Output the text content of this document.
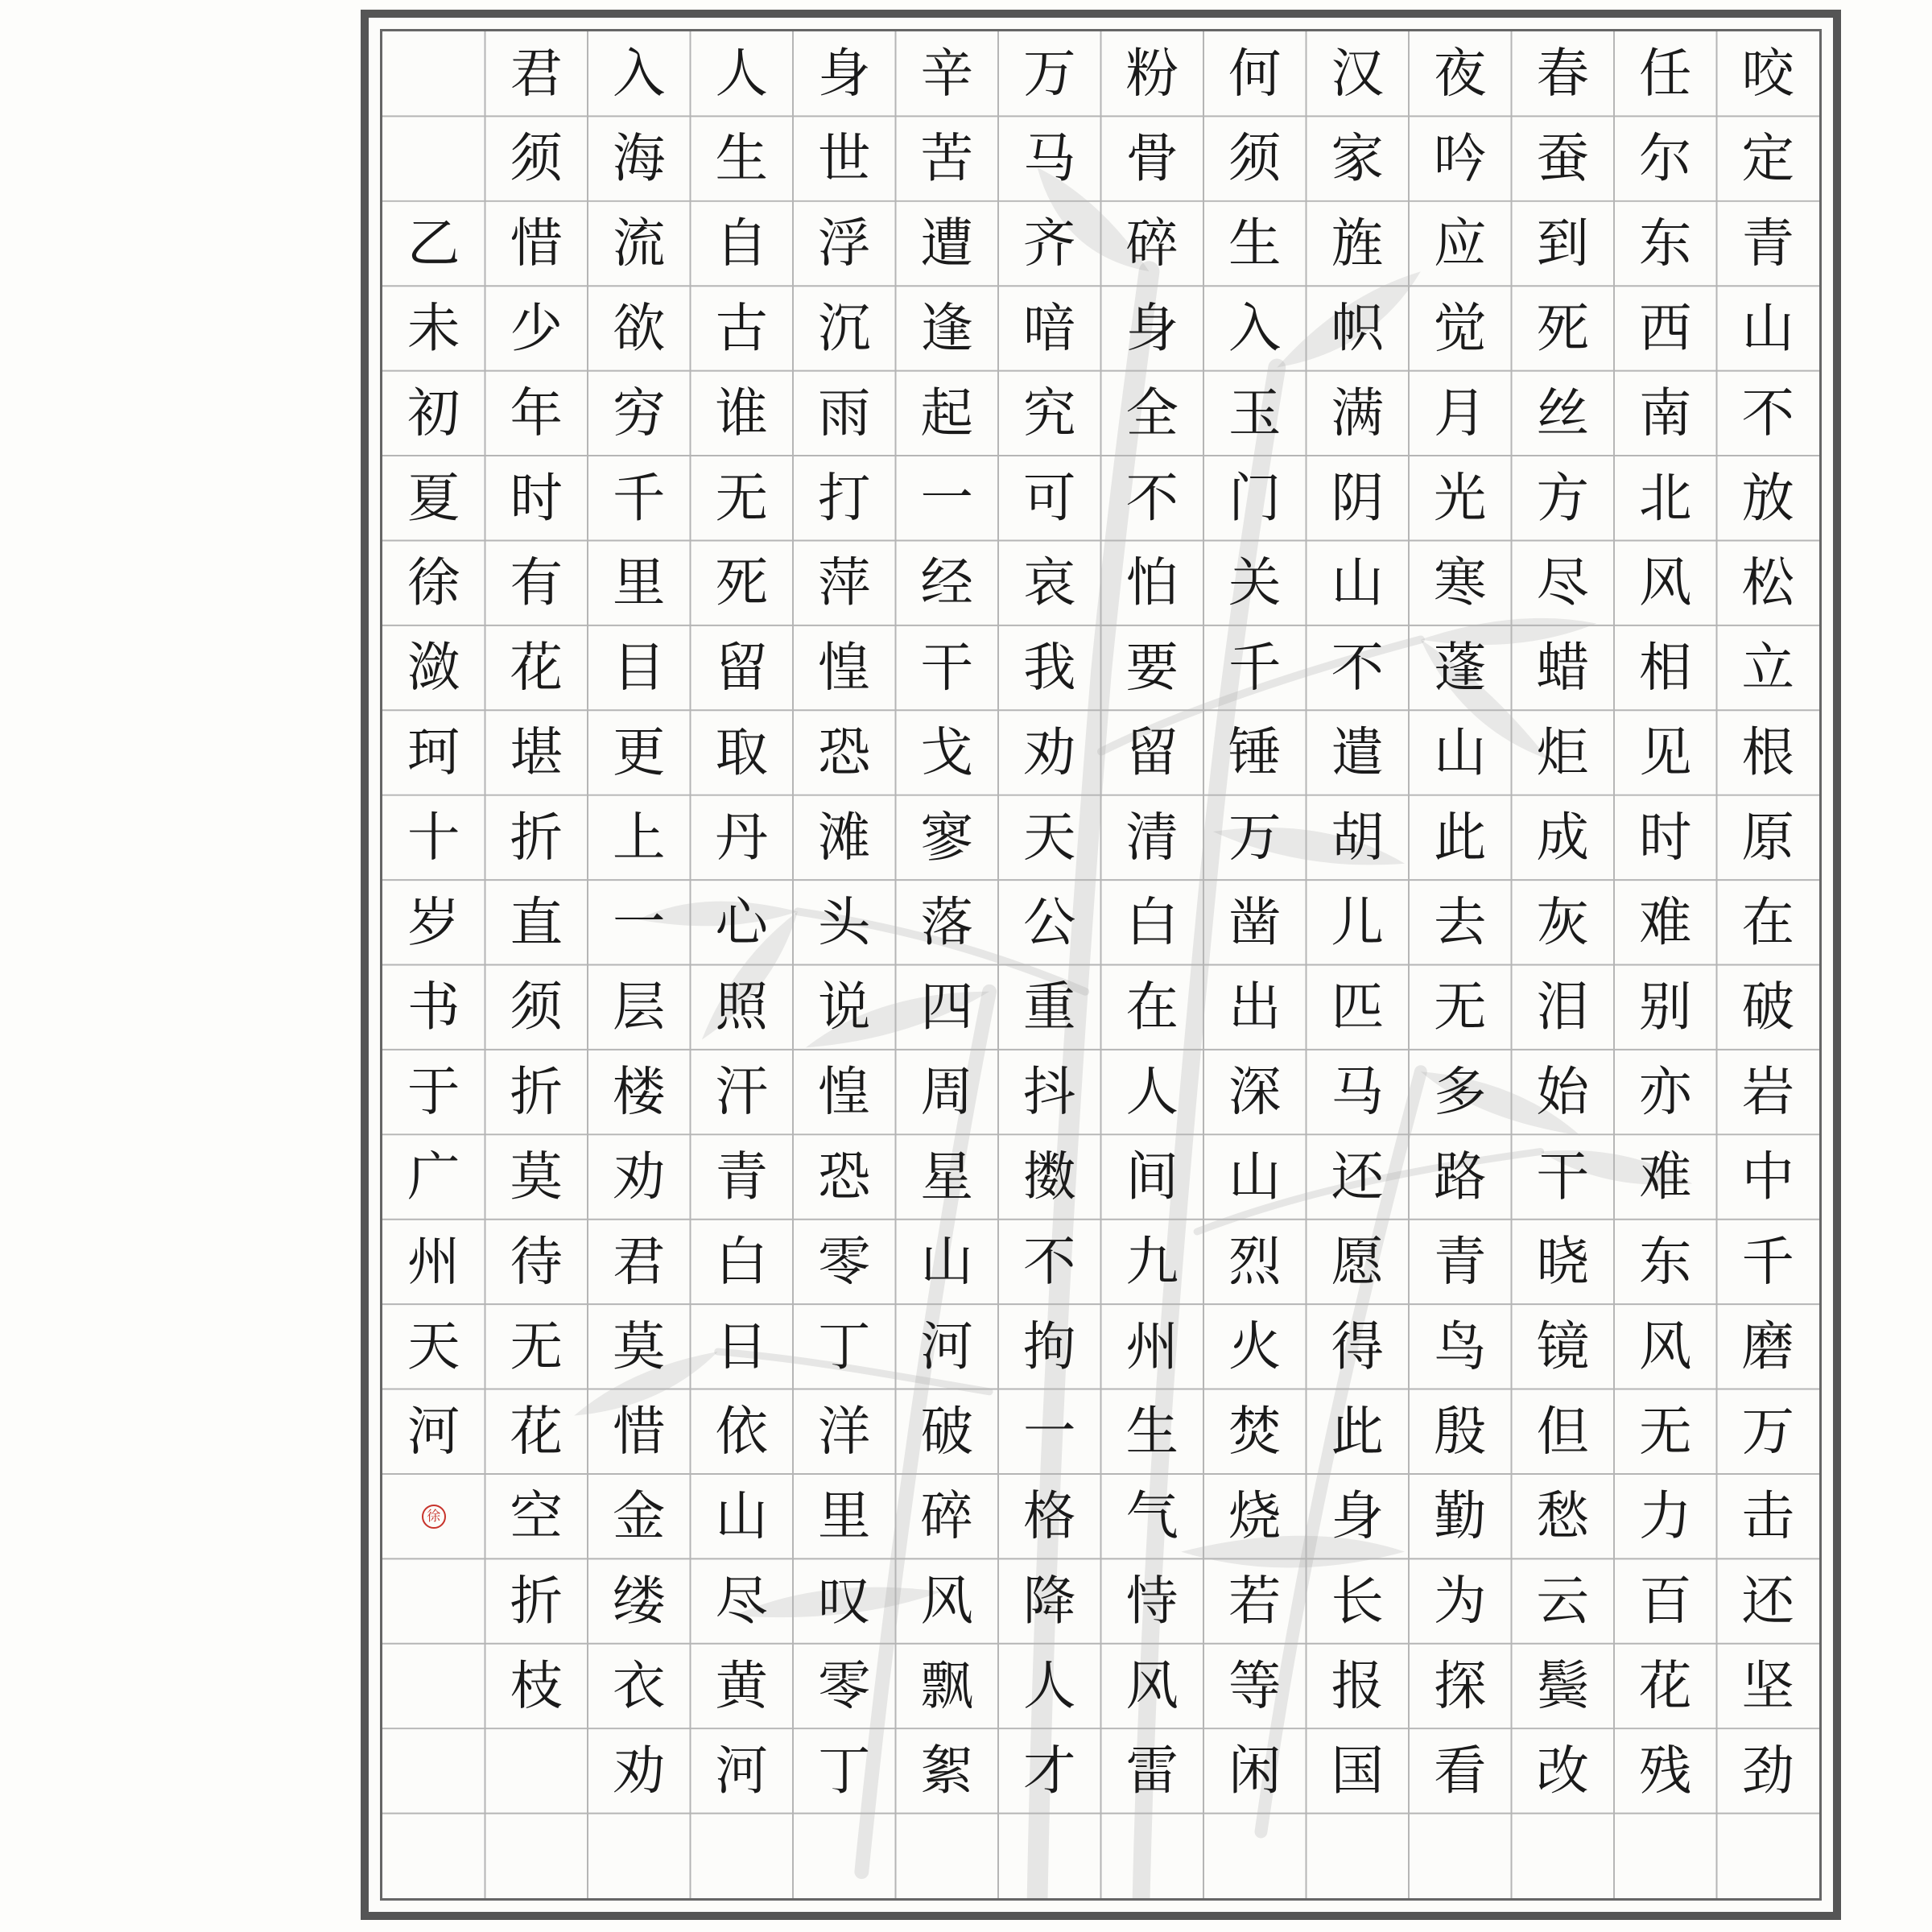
咬
定
青
山
不
放
松
立
根
原
在
破
岩
中
千
磨
万
击
还
坚
劲
任
尔
东
西
南
北
风
相
见
时
难
别
亦
难
东
风
无
力
百
花
残
春
蚕
到
死
丝
方
尽
蜡
炬
成
灰
泪
始
干
晓
镜
但
愁
云
鬓
改
夜
吟
应
觉
月
光
寒
蓬
山
此
去
无
多
路
青
鸟
殷
勤
为
探
看
汉
家
旌
帜
满
阴
山
不
遣
胡
儿
匹
马
还
愿
得
此
身
长
报
国
何
须
生
入
玉
门
关
千
锤
万
凿
出
深
山
烈
火
焚
烧
若
等
闲
粉
骨
碎
身
全
不
怕
要
留
清
白
在
人
间
九
州
生
气
恃
风
雷
万
马
齐
喑
究
可
哀
我
劝
天
公
重
抖
擞
不
拘
一
格
降
人
才
辛
苦
遭
逢
起
一
经
干
戈
寥
落
四
周
星
山
河
破
碎
风
飘
絮
身
世
浮
沉
雨
打
萍
惶
恐
滩
头
说
惶
恐
零
丁
洋
里
叹
零
丁
人
生
自
古
谁
无
死
留
取
丹
心
照
汗
青
白
日
依
山
尽
黄
河
入
海
流
欲
穷
千
里
目
更
上
一
层
楼
劝
君
莫
惜
金
缕
衣
劝
君
须
惜
少
年
时
有
花
堪
折
直
须
折
莫
待
无
花
空
折
枝
乙
未
初
夏
徐
潋
珂
十
岁
书
于
广
州
天
河
徐
